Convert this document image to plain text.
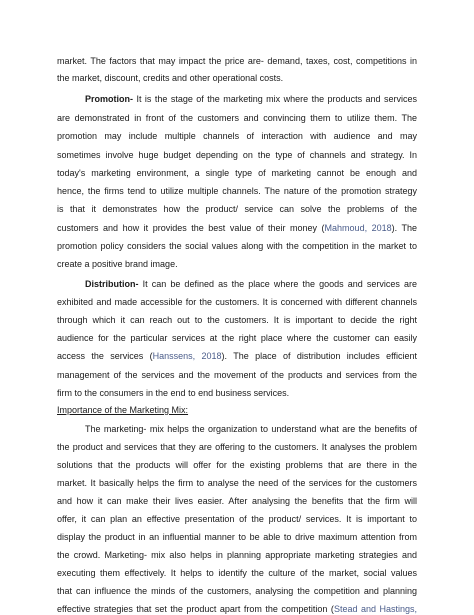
market. The factors that may impact the price are- demand, taxes, cost, competitions in
the market, discount, credits and other operational costs.
Promotion- It is the stage of the marketing mix where the products and services
are demonstrated in front of the customers and convincing them to utilize them. The
promotion may include multiple channels of interaction with audience and may
sometimes involve huge budget depending on the type of channels and strategy. In
today's marketing environment, a single type of marketing cannot be enough and
hence, the firms tend to utilize multiple channels. The nature of the promotion strategy
is that it demonstrates how the product/ service can solve the problems of the
customers and how it provides the best value of their money (Mahmoud, 2018). The
promotion policy considers the social values along with the competition in the market to
create a positive brand image.
Distribution- It can be defined as the place where the goods and services are
exhibited and made accessible for the customers. It is concerned with different channels
through which it can reach out to the customers. It is important to decide the right
audience for the particular services at the right place where the customer can easily
access the services (Hanssens, 2018). The place of distribution includes efficient
management of the services and the movement of the products and services from the
firm to the consumers in the end to end business services.
Importance of the Marketing Mix:
The marketing- mix helps the organization to understand what are the benefits of
the product and services that they are offering to the customers. It analyses the problem
solutions that the products will offer for the existing problems that are there in the
market. It basically helps the firm to analyse the need of the services for the customers
and how it can make their lives easier. After analysing the benefits that the firm will
offer, it can plan an effective presentation of the product/ services. It is important to
display the product in an influential manner to be able to drive maximum attention from
the crowd. Marketing- mix also helps in planning appropriate marketing strategies and
executing them effectively. It helps to identify the culture of the market, social values
that can influence the minds of the customers, analysing the competition and planning
effective strategies that set the product apart from the competition (Stead and Hastings,
